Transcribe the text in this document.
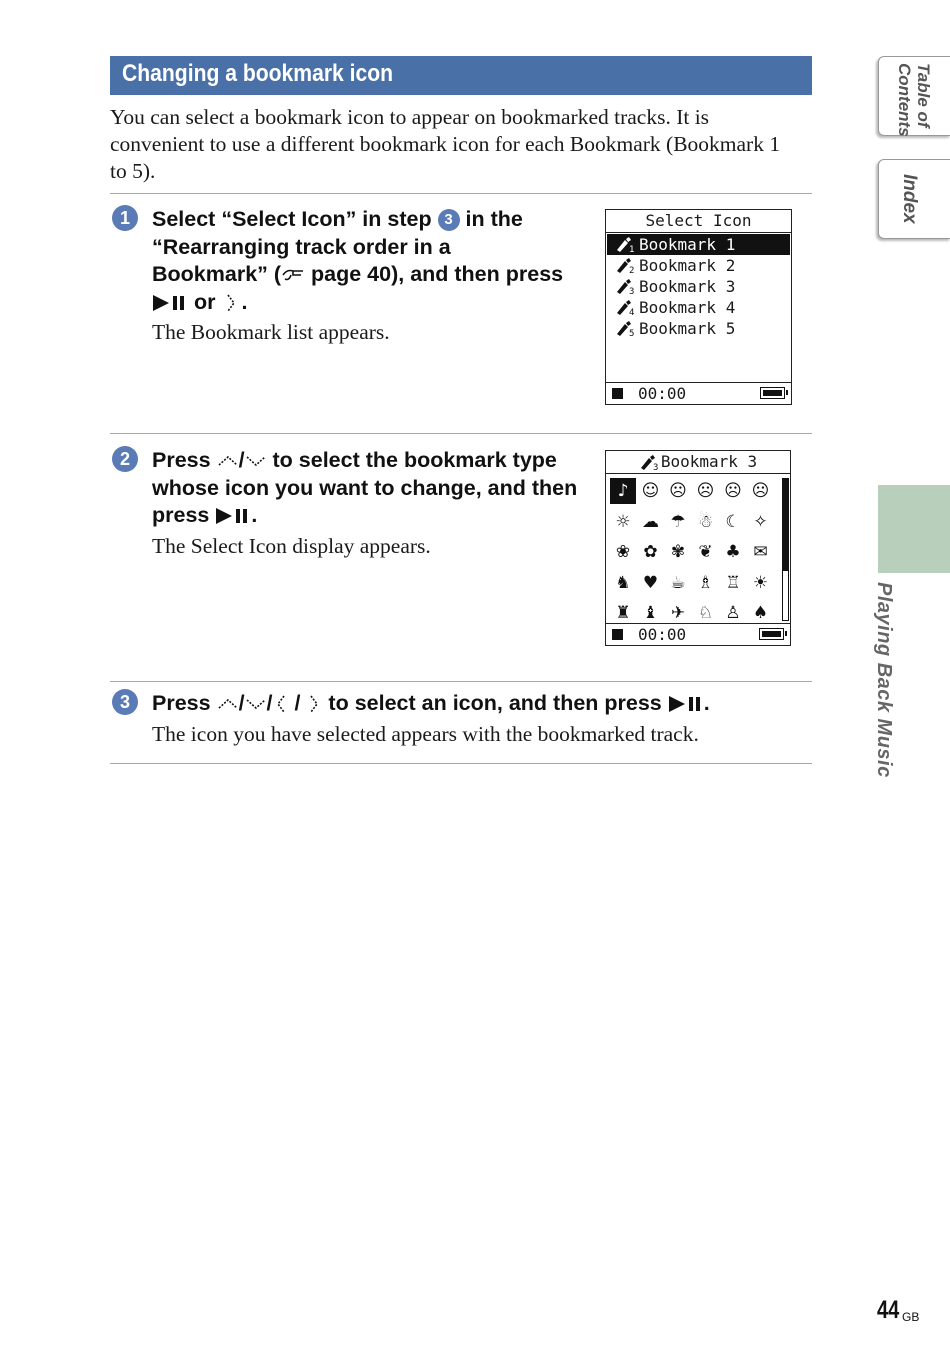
Changing a bookmark icon
You can select a bookmark icon to appear on bookmarked tracks. It is convenient to use a different bookmark icon for each Bookmark (Bookmark 1 to 5).
1	Select “Select Icon” in step 3 in the “Rearranging track order in a Bookmark” ( page 40), and then press  or .
The Bookmark list appears.
Select Icon
1 Bookmark 1
2 Bookmark 2
3 Bookmark 3
4 Bookmark 4
5 Bookmark 5
00:00
2	Press / to select the bookmark type whose icon you want to change, and then press .
The Select Icon display appears.
3 Bookmark 3
♪ ☺ ☹ ☹ ☹ ☹
☼ ☁ ☂ ☃ ☾ ✧
❀ ✿ ✾ ❦ ♣ ✉
♞ ♥ ☕ ♗ ♖ ☀
♜ ♝ ✈ ♘ ♙ ♠
00:00
3	Press / / /  to select an icon, and then press .
The icon you have selected appears with the bookmarked track.
Table of Contents
Index
Playing Back Music
44 GB
